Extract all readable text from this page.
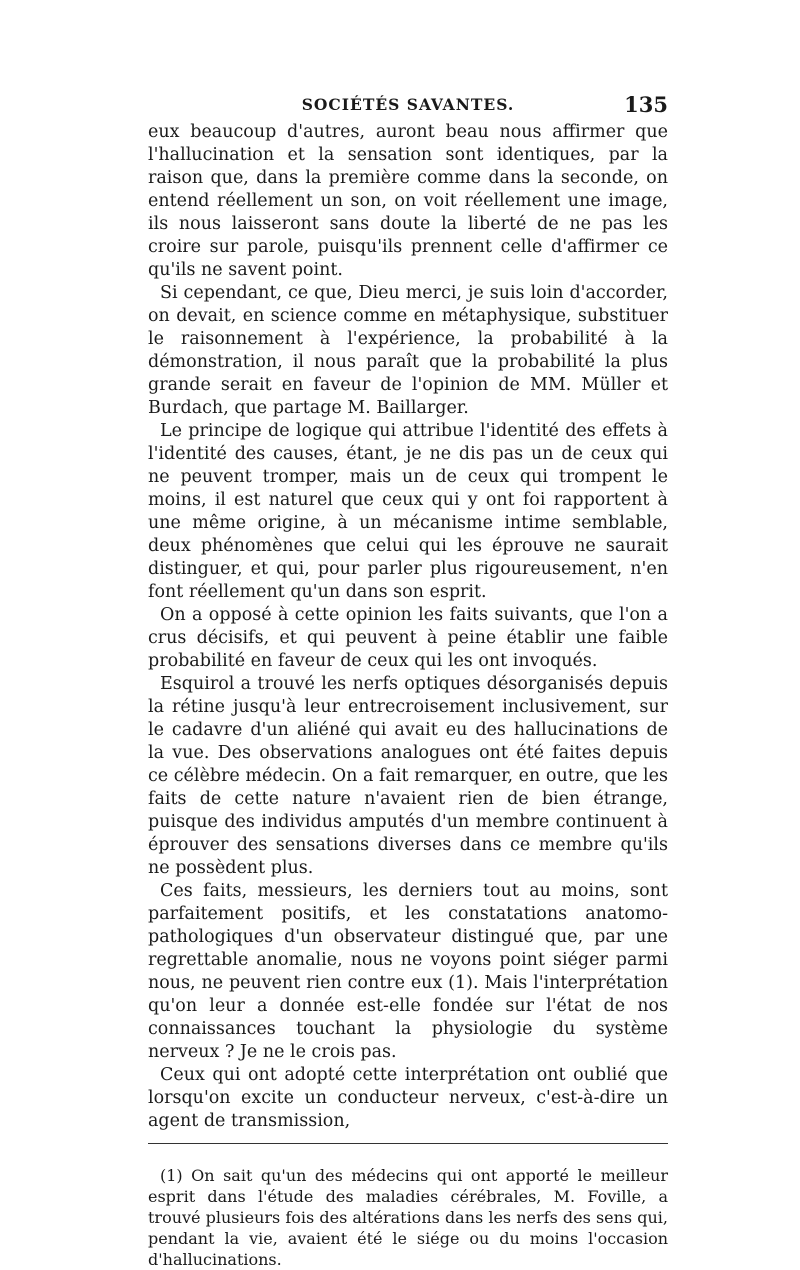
SOCIÉTÉS SAVANTES.	135

eux beaucoup d'autres, auront beau nous affirmer que l'hallucination et la sensation sont identiques, par la raison que, dans la première comme dans la seconde, on entend réellement un son, on voit réellement une image, ils nous laisseront sans doute la liberté de ne pas les croire sur parole, puisqu'ils prennent celle d'affirmer ce qu'ils ne savent point.

Si cependant, ce que, Dieu merci, je suis loin d'accorder, on devait, en science comme en métaphysique, substituer le raisonnement à l'expérience, la probabilité à la démonstration, il nous paraît que la probabilité la plus grande serait en faveur de l'opinion de MM. Müller et Burdach, que partage M. Baillarger.

Le principe de logique qui attribue l'identité des effets à l'identité des causes, étant, je ne dis pas un de ceux qui ne peuvent tromper, mais un de ceux qui trompent le moins, il est naturel que ceux qui y ont foi rapportent à une même origine, à un mécanisme intime semblable, deux phénomènes que celui qui les éprouve ne saurait distinguer, et qui, pour parler plus rigoureusement, n'en font réellement qu'un dans son esprit.

On a opposé à cette opinion les faits suivants, que l'on a crus décisifs, et qui peuvent à peine établir une faible probabilité en faveur de ceux qui les ont invoqués.

Esquirol a trouvé les nerfs optiques désorganisés depuis la rétine jusqu'à leur entrecroisement inclusivement, sur le cadavre d'un aliéné qui avait eu des hallucinations de la vue. Des observations analogues ont été faites depuis ce célèbre médecin. On a fait remarquer, en outre, que les faits de cette nature n'avaient rien de bien étrange, puisque des individus amputés d'un membre continuent à éprouver des sensations diverses dans ce membre qu'ils ne possèdent plus.

Ces faits, messieurs, les derniers tout au moins, sont parfaitement positifs, et les constatations anatomo-pathologiques d'un observateur distingué que, par une regrettable anomalie, nous ne voyons point siéger parmi nous, ne peuvent rien contre eux (1). Mais l'interprétation qu'on leur a donnée est-elle fondée sur l'état de nos connaissances touchant la physiologie du système nerveux ? Je ne le crois pas.

Ceux qui ont adopté cette interprétation ont oublié que lorsqu'on excite un conducteur nerveux, c'est-à-dire un agent de transmission,

(1) On sait qu'un des médecins qui ont apporté le meilleur esprit dans l'étude des maladies cérébrales, M. Foville, a trouvé plusieurs fois des altérations dans les nerfs des sens qui, pendant la vie, avaient été le siége ou du moins l'occasion d'hallucinations.
